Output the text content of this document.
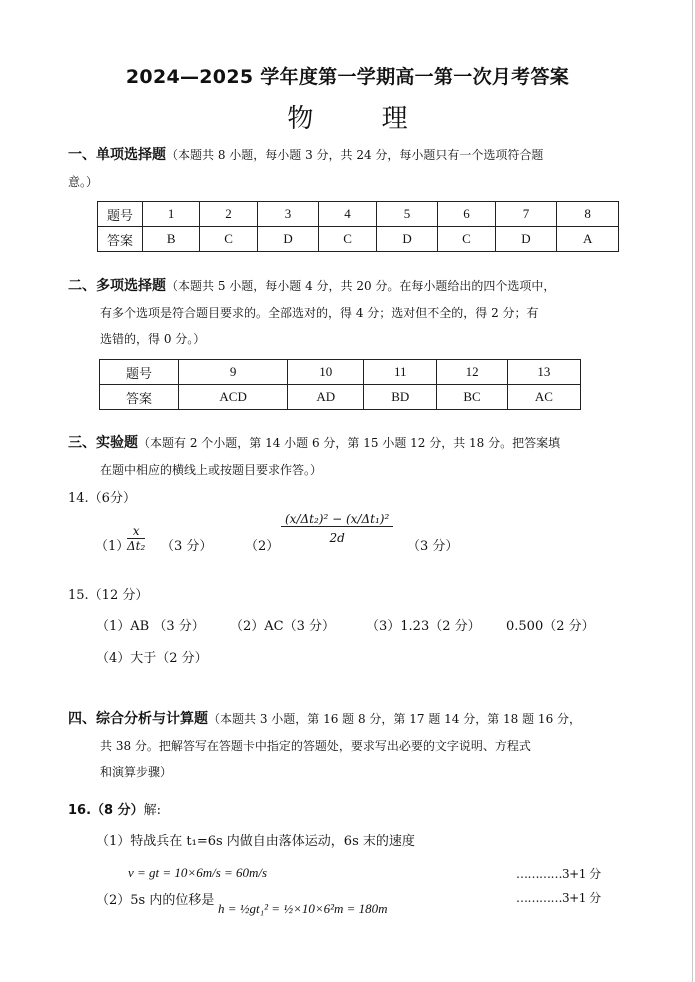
2024—2025 学年度第一学期高一第一次月考答案
物 理
一、单项选择题（本题共 8 小题，每小题 3 分，共 24 分，每小题只有一个选项符合题
意。）
题号	1	2	3	4	5	6	7	8
答案	B	C	D	C	D	C	D	A
二、多项选择题（本题共 5 小题，每小题 4 分，共 20 分。在每小题给出的四个选项中，
有多个选项是符合题目要求的。全部选对的，得 4 分；选对但不全的，得 2 分；有
选错的，得 0 分。）
题号	9	10	11	12	13
答案	ACD	AD	BD	BC	AC
三、实验题（本题有 2 个小题，第 14 小题 6 分，第 15 小题 12 分，共 18 分。把答案填
在题中相应的横线上或按题目要求作答。）
14.（6分）
（1）
$\frac{x}{\text{Δt₂}} (3$ 分）	（2）
$\frac{\text{(x/Δt₂)² − (x/Δt₁)²}}{2d}$
（3 分）
15.（12 分）
（1）AB （3 分） （2）AC（3 分） （3）1.23（2 分） 0.500（2 分）
（4）大于（2 分）
四、综合分析与计算题（本题共 3 小题，第 16 题 8 分，第 17 题 14 分，第 18 题 16 分，
共 38 分。把解答写在答题卡中指定的答题处，要求写出必要的文字说明、方程式
和演算步骤）
16.（8 分）解:
（1）特战兵在 t₁=6s 内做自由落体运动，6s 末的速度
v = gt = 10×6m/s = 60m/s	…………3+1 分
（2）5s 内的位移是
h = ½gt₁² = ½×10×6²m = 180m
…………3+1 分
